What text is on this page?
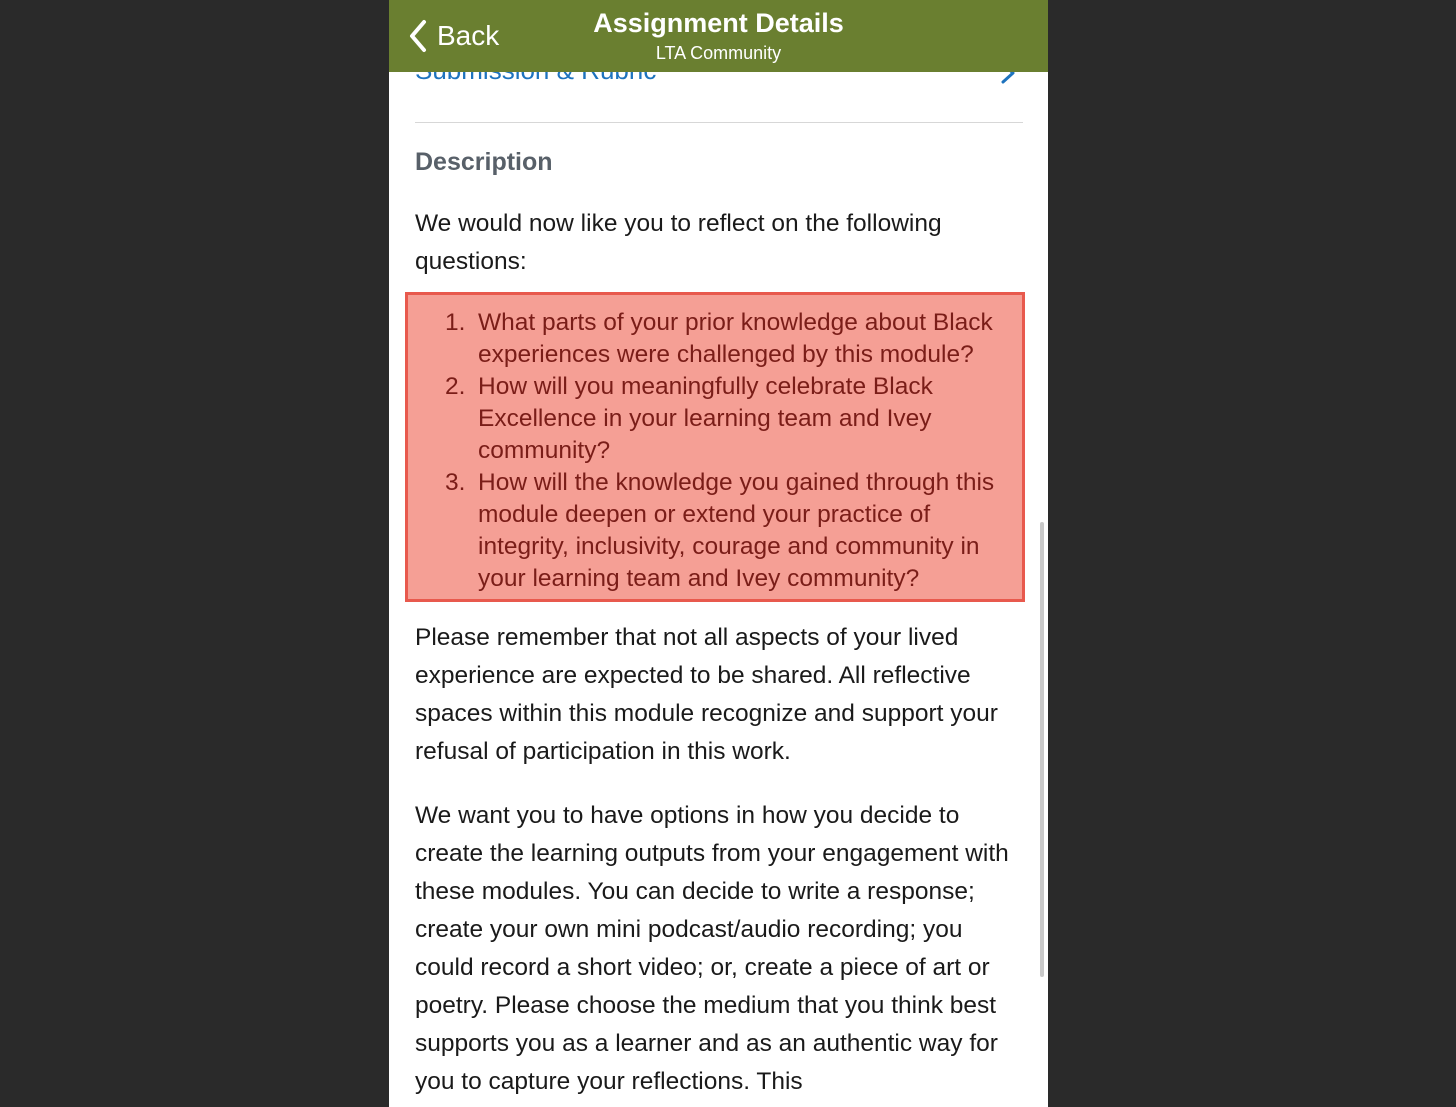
Description

We would now like you to reflect on the following questions:

1. What parts of your prior knowledge about Black experiences were challenged by this module?
2. How will you meaningfully celebrate Black Excellence in your learning team and Ivey community?
3. How will the knowledge you gained through this module deepen or extend your practice of integrity, inclusivity, courage and community in your learning team and Ivey community?

Please remember that not all aspects of your lived experience are expected to be shared. All reflective spaces within this module recognize and support your refusal of participation in this work.

We want you to have options in how you decide to create the learning outputs from your engagement with these modules. You can decide to write a response; create your own mini podcast/audio recording; you could record a short video; or, create a piece of art or poetry. Please choose the medium that you think best supports you as a learner and as an authentic way for you to capture your reflections. This

Back	Assignment Details
LTA Community
